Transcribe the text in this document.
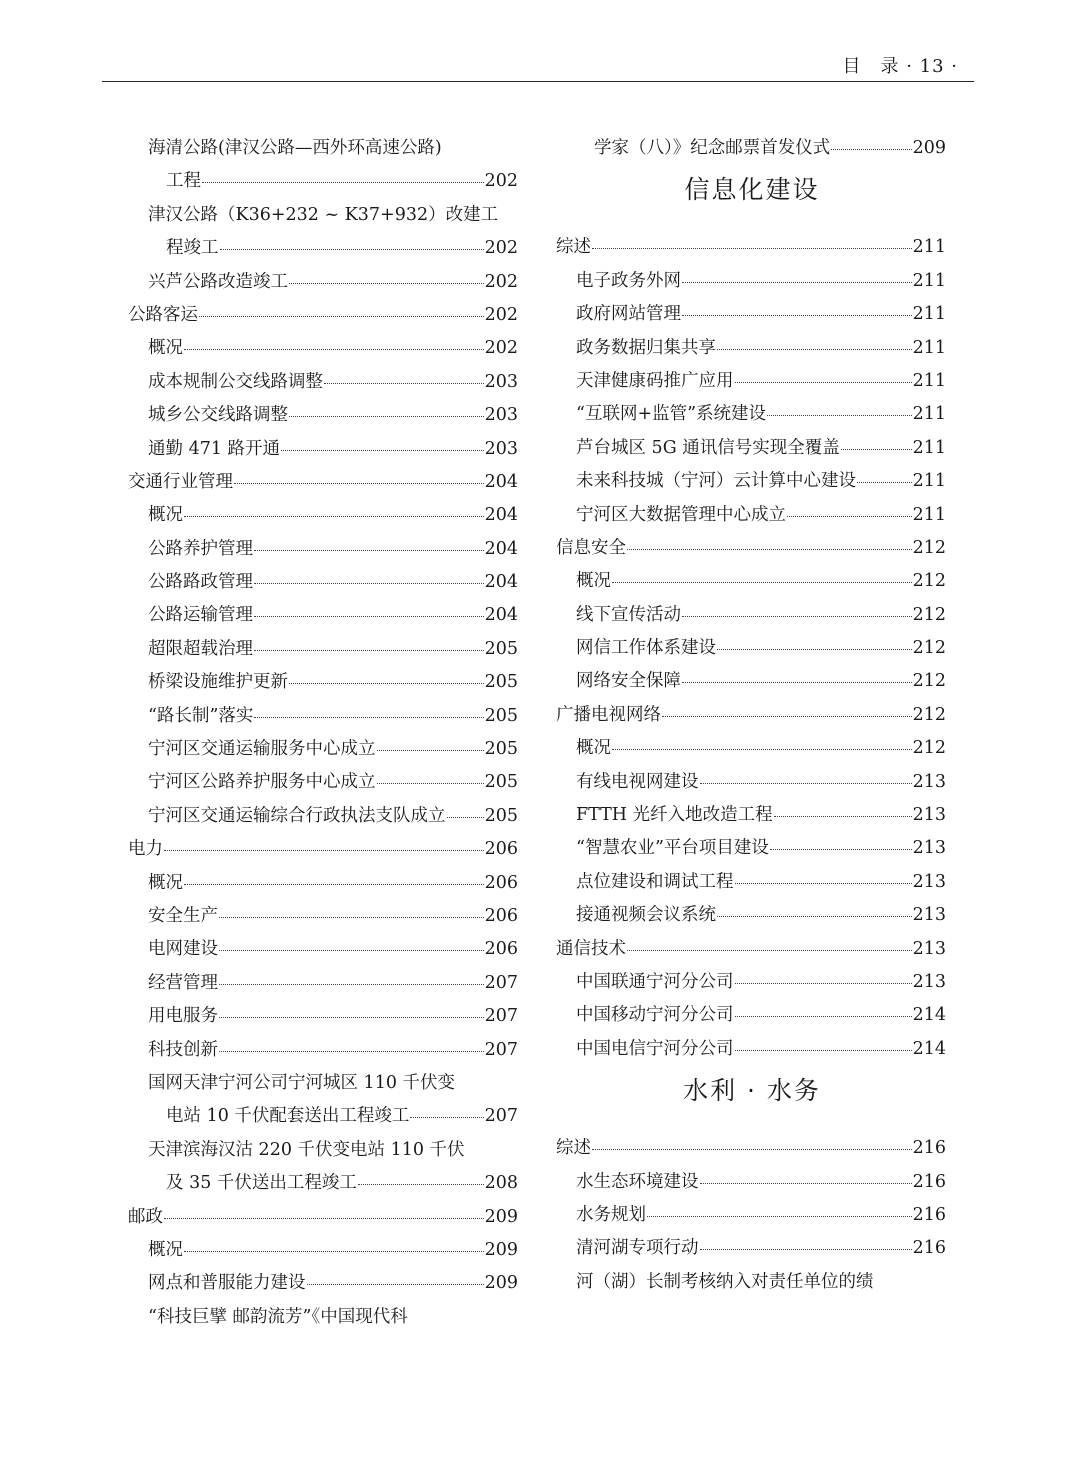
目　录 · 13 ·
海清公路(津汉公路—西外环高速公路)
工程	202
津汉公路（K36+232 ~ K37+932）改建工
程竣工	202
兴芦公路改造竣工	202
公路客运	202
概况	202
成本规制公交线路调整	203
城乡公交线路调整	203
通勤 471 路开通	203
交通行业管理	204
概况	204
公路养护管理	204
公路路政管理	204
公路运输管理	204
超限超载治理	205
桥梁设施维护更新	205
“路长制”落实	205
宁河区交通运输服务中心成立	205
宁河区公路养护服务中心成立	205
宁河区交通运输综合行政执法支队成立 205
电力	206
概况	206
安全生产	206
电网建设	206
经营管理	207
用电服务	207
科技创新	207
国网天津宁河公司宁河城区 110 千伏变
电站 10 千伏配套送出工程竣工	207
天津滨海汉沽 220 千伏变电站 110 千伏
及 35 千伏送出工程竣工	208
邮政	209
概况	209
网点和普服能力建设	209
“科技巨擘 邮韵流芳”《中国现代科
学家（八）》纪念邮票首发仪式	209
信息化建设
综述	211
电子政务外网	211
政府网站管理	211
政务数据归集共享	211
天津健康码推广应用	211
“互联网+监管”系统建设	211
芦台城区 5G 通讯信号实现全覆盖	211
未来科技城（宁河）云计算中心建设	211
宁河区大数据管理中心成立	211
信息安全	212
概况	212
线下宣传活动	212
网信工作体系建设	212
网络安全保障	212
广播电视网络	212
概况	212
有线电视网建设	213
FTTH 光纤入地改造工程	213
“智慧农业”平台项目建设	213
点位建设和调试工程	213
接通视频会议系统	213
通信技术	213
中国联通宁河分公司	213
中国移动宁河分公司	214
中国电信宁河分公司	214
水利 · 水务
综述	216
水生态环境建设	216
水务规划	216
清河湖专项行动	216
河（湖）长制考核纳入对责任单位的绩
